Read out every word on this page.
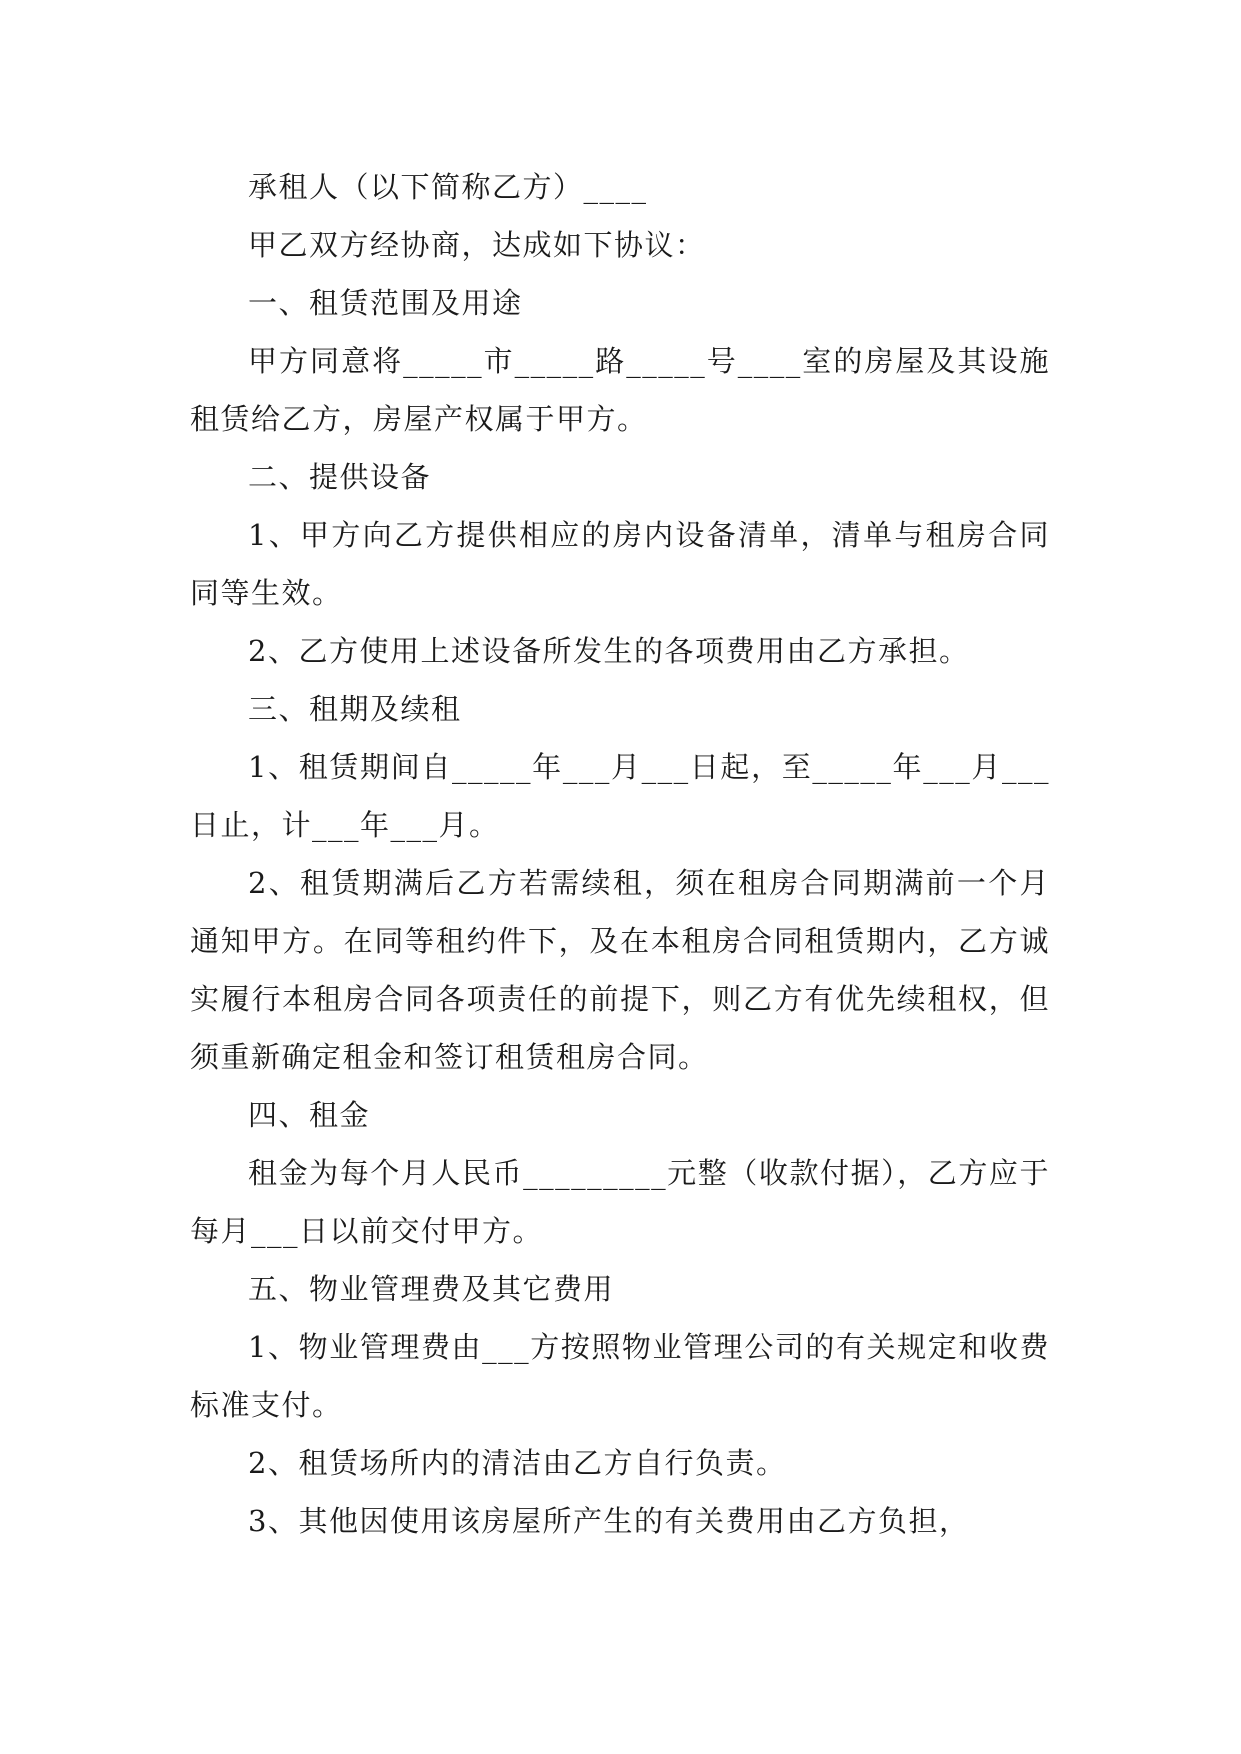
承租人（以下简称乙方）____

甲乙双方经协商，达成如下协议：

一、租赁范围及用途

甲方同意将_____市_____路_____号____室的房屋及其设施租赁给乙方，房屋产权属于甲方。

二、提供设备

1、甲方向乙方提供相应的房内设备清单，清单与租房合同同等生效。

2、乙方使用上述设备所发生的各项费用由乙方承担。

三、租期及续租

1、租赁期间自_____年___月___日起，至_____年___月___日止，计___年___月。

2、租赁期满后乙方若需续租，须在租房合同期满前一个月通知甲方。在同等租约件下，及在本租房合同租赁期内，乙方诚实履行本租房合同各项责任的前提下，则乙方有优先续租权，但须重新确定租金和签订租赁租房合同。

四、租金

租金为每个月人民币_________元整（收款付据），乙方应于每月___日以前交付甲方。

五、物业管理费及其它费用

1、物业管理费由___方按照物业管理公司的有关规定和收费标准支付。

2、租赁场所内的清洁由乙方自行负责。

3、其他因使用该房屋所产生的有关费用由乙方负担，
